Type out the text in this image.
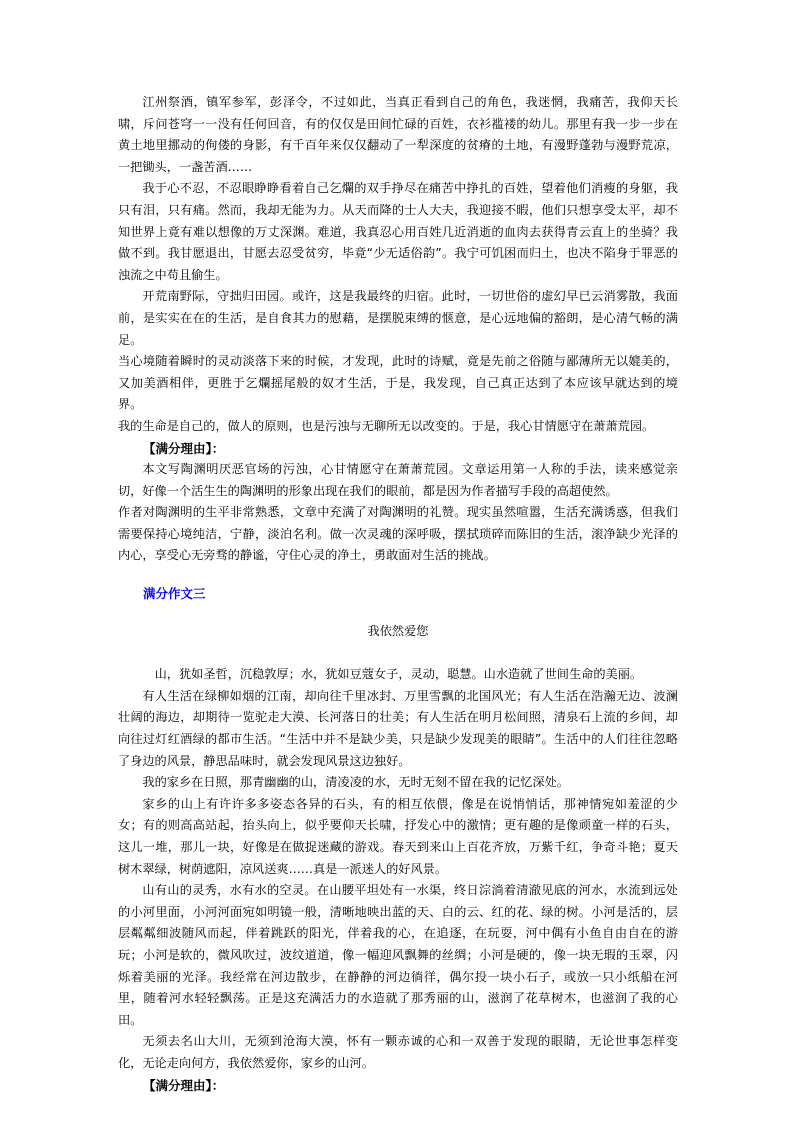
江州祭酒，镇军参军，彭泽令，不过如此，当真正看到自己的角色，我迷惘，我痛苦，我仰天长啸，斥问苍穹一一没有任何回音，有的仅仅是田间忙碌的百姓，衣衫褴褛的幼儿。那里有我一步一步在黄土地里挪动的佝偻的身影，有千百年来仅仅翻动了一犁深度的贫瘠的土地，有漫野蓬勃与漫野荒凉，一把锄头，一盏苦酒……

我于心不忍，不忍眼睁睁看着自己乞爛的双手挣尽在痛苦中挣扎的百姓，望着他们消瘦的身躯，我只有泪，只有痛。然而，我却无能为力。从天而降的士人大夫，我迎接不暇，他们只想享受太平，却不知世界上竟有难以想像的万丈深渊。难道，我真忍心用百姓几近消逝的血肉去获得青云直上的坐骑？我做不到。我甘愿退出，甘愿去忍受贫穷，毕竟“少无适俗韵”。我宁可饥困而归土，也决不陷身于罪恶的浊流之中苟且偷生。

开荒南野际，守拙归田园。或许，这是我最终的归宿。此时，一切世俗的虚幻早已云消雾散，我面前，是实实在在的生活，是自食其力的慰藉，是摆脱束缚的惬意，是心远地偏的豁朗，是心清气畅的满足。

当心境随着瞬时的灵动淡落下来的时候，才发现，此时的诗赋，竟是先前之俗随与鄙薄所无以媲美的，又加美酒相伴，更胜于乞爛摇尾般的奴才生活，于是，我发现，自己真正达到了本应该早就达到的境界。

我的生命是自己的，做人的原则，也是污浊与无聊所无以改变的。于是，我心甘情愿守在萧萧荒园。

【满分理由】：

本文写陶渊明厌恶官场的污浊，心甘情愿守在萧萧荒园。文章运用第一人称的手法，读来感觉亲切，好像一个活生生的陶渊明的形象出现在我们的眼前，都是因为作者描写手段的高超使然。

作者对陶渊明的生平非常熟悉，文章中充满了对陶渊明的礼赞。现实虽然喧嚣，生活充满诱惑，但我们需要保持心境纯洁，宁静，淡泊名利。做一次灵魂的深呼吸，摆拭琐碎而陈旧的生活，滚净缺少光泽的内心，享受心无旁骛的静谧，守住心灵的净土，勇敢面对生活的挑战。

满分作文三

我依然爱您

山，犹如圣哲，沉稳敦厚；水，犹如豆蔻女子，灵动，聪慧。山水造就了世间生命的美丽。

有人生活在绿柳如烟的江南，却向往千里冰封、万里雪飘的北国风光；有人生活在浩瀚无边、波澜壮阔的海边，却期待一览驼走大漠、长河落日的壮美；有人生活在明月松间照，清泉石上流的乡间，却向往过灯红酒绿的都市生活。“生活中并不是缺少美，只是缺少发现美的眼睛”。生活中的人们往往忽略了身边的风景，静思品味时，就会发现风景这边独好。

我的家乡在日照，那青幽幽的山，清凌凌的水，无时无刻不留在我的记忆深处。

家乡的山上有许许多多姿态各异的石头，有的相互依偎，像是在说悄悄话，那神情宛如羞涩的少女；有的则高高站起，抬头向上，似乎要仰天长啸，抒发心中的激情；更有趣的是像顽童一样的石头，这儿一堆，那儿一块，好像是在做捉迷藏的游戏。春天到来山上百花齐放，万紫千红，争奇斗艳；夏天树木翠绿，树荫遮阳，凉风送爽……真是一派迷人的好风景。

山有山的灵秀，水有水的空灵。在山腰平坦处有一水渠，终日淙淌着清澈见底的河水，水流到远处的小河里面，小河河面宛如明镜一般，清晰地映出蓝的天、白的云、红的花、绿的树。小河是活的，层层粼粼细波随风而起，伴着跳跃的阳光，伴着我的心，在追逐，在玩耍，河中偶有小鱼自由自在的游玩；小河是软的，微风吹过，波纹道道，像一幅迎风飘舞的丝绸；小河是硬的，像一块无瑕的玉翠，闪烁着美丽的光泽。我经常在河边散步，在静静的河边徜徉，偶尔投一块小石子，或放一只小纸船在河里，随着河水轻轻飘荡。正是这充满活力的水造就了那秀丽的山，滋润了花草树木，也滋润了我的心田。

无须去名山大川，无须到沧海大漠，怀有一颗赤诚的心和一双善于发现的眼睛，无论世事怎样变化，无论走向何方，我依然爱你，家乡的山河。

【满分理由】：
